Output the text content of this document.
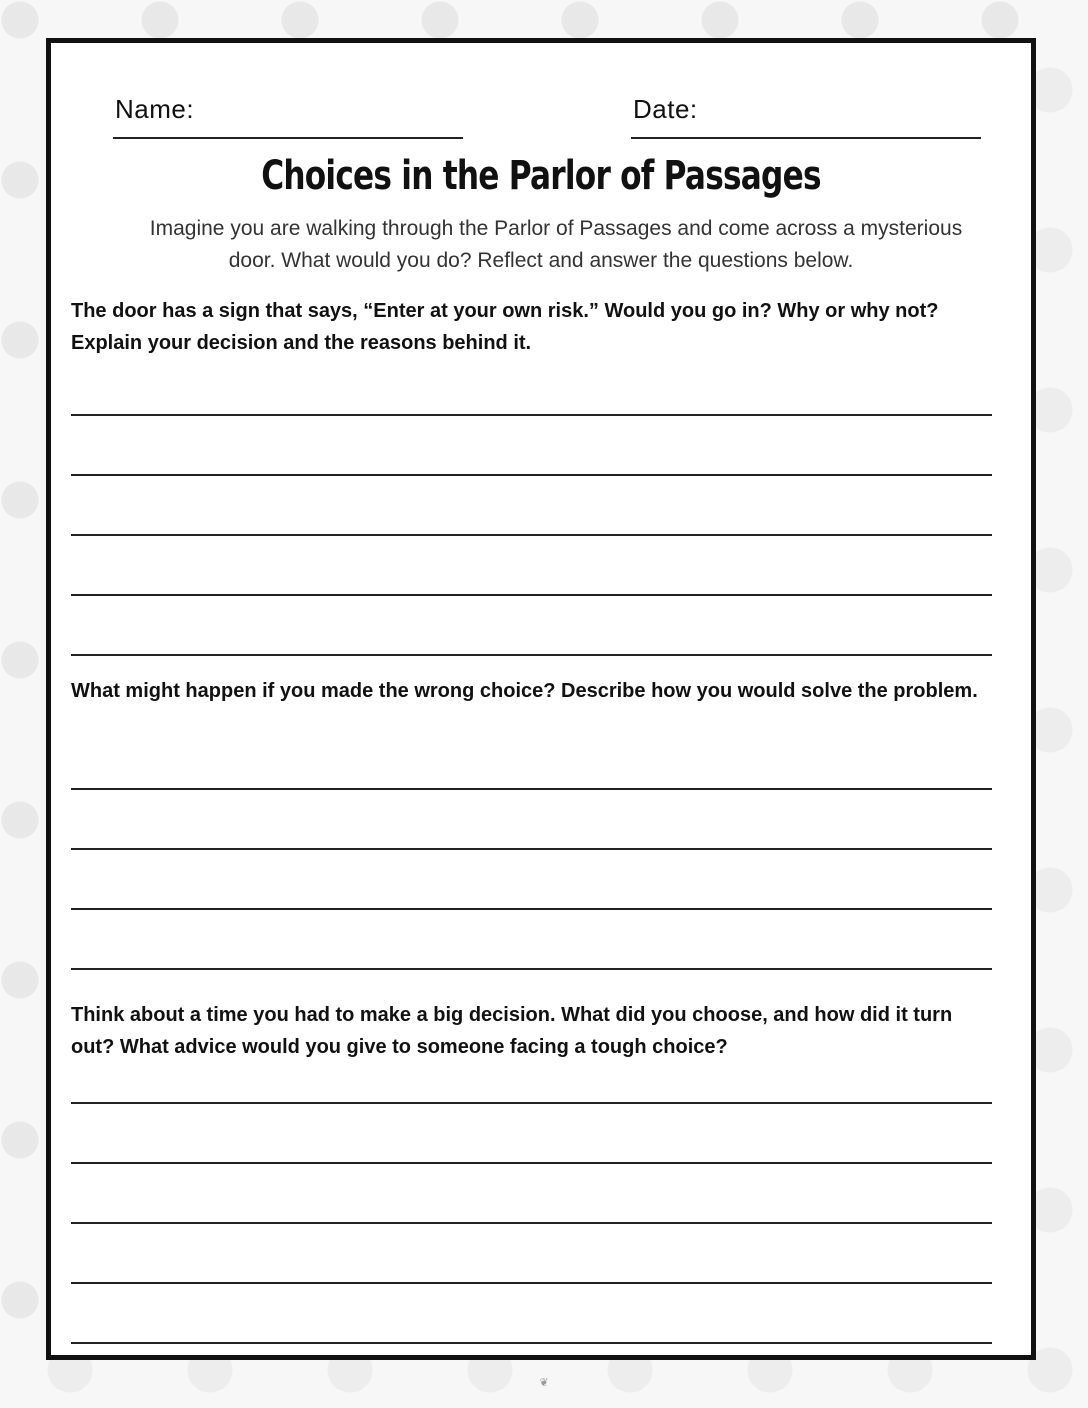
Name:	Date:
Choices in the Parlor of Passages
Imagine you are walking through the Parlor of Passages and come across a mysterious door. What would you do? Reflect and answer the questions below.
The door has a sign that says, “Enter at your own risk.” Would you go in? Why or why not? Explain your decision and the reasons behind it.
What might happen if you made the wrong choice? Describe how you would solve the problem.
Think about a time you had to make a big decision. What did you choose, and how did it turn out? What advice would you give to someone facing a tough choice?
❦
